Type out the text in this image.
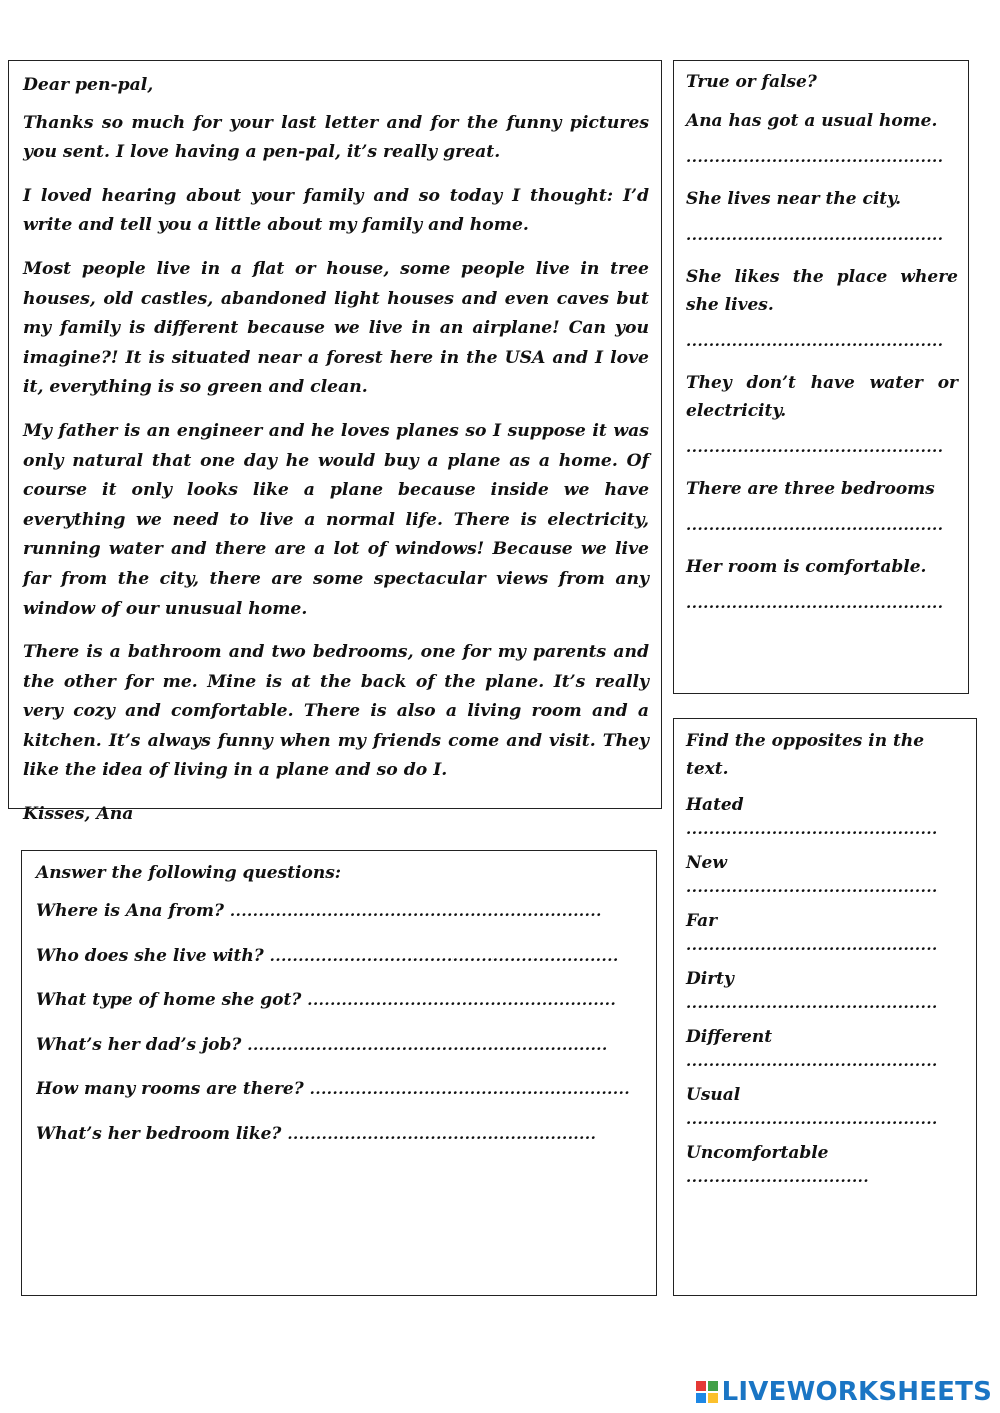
Dear pen-pal,

Thanks so much for your last letter and for the funny pictures you sent. I love having a pen-pal, it’s really great.

I loved hearing about your family and so today I thought: I’d write and tell you a little about my family and home.

Most people live in a flat or house, some people live in tree houses, old castles, abandoned light houses and even caves but my family is different because we live in an airplane! Can you imagine?! It is situated near a forest here in the USA and I love it, everything is so green and clean.

My father is an engineer and he loves planes so I suppose it was only natural that one day he would buy a plane as a home. Of course it only looks like a plane because inside we have everything we need to live a normal life. There is electricity, running water and there are a lot of windows! Because we live far from the city, there are some spectacular views from any window of our unusual home.

There is a bathroom and two bedrooms, one for my parents and the other for me. Mine is at the back of the plane. It’s really very cozy and comfortable. There is also a living room and a kitchen. It’s always funny when my friends come and visit. They like the idea of living in a plane and so do I.

Kisses, Ana

True or false?
Ana has got a usual home.
.............................................
She lives near the city.
.............................................
She likes the place where she lives.
.............................................
They don’t have water or electricity.
.............................................
There are three bedrooms
.............................................
Her room is comfortable.
.............................................
Answer the following questions:
Where is Ana from? .................................................................
Who does she live with? .............................................................
What type of home she got? ......................................................
What’s her dad’s job? ...............................................................
How many rooms are there? ........................................................
What’s her bedroom like? ......................................................
Find the opposites in the text.
Hated
............................................
New
............................................
Far
............................................
Dirty
............................................
Different
............................................
Usual
............................................
Uncomfortable
................................
LIVEWORKSHEETS
